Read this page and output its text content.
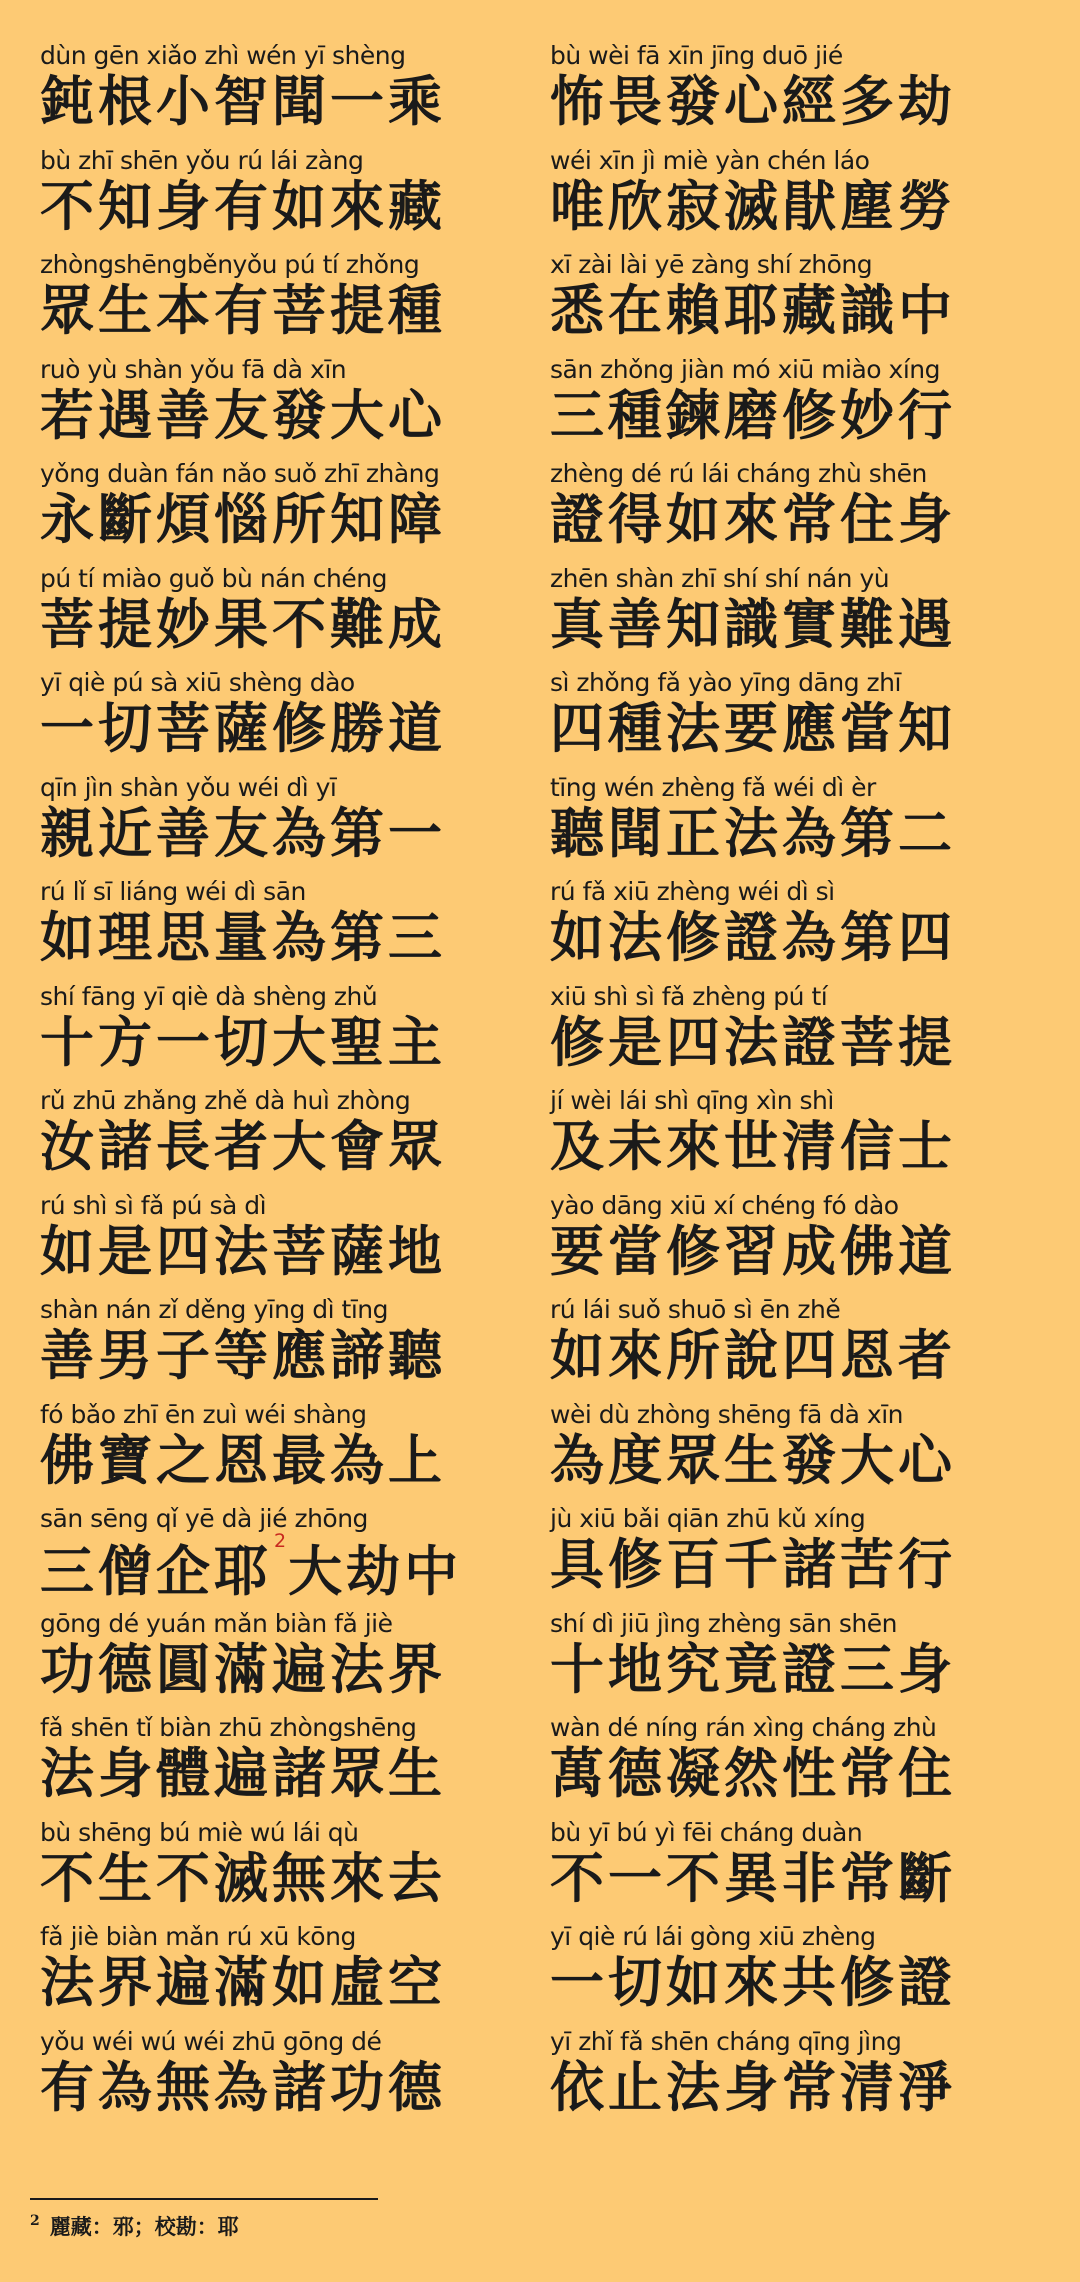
dùn gēn xiǎo zhì wén yī shèng
鈍根小智聞一乘
bù zhī shēn yǒu rú lái zàng
不知身有如來藏
zhòngshēngběnyǒu pú tí zhǒng
眾生本有菩提種
ruò yù shàn yǒu fā dà xīn
若遇善友發大心
yǒng duàn fán nǎo suǒ zhī zhàng
永斷煩惱所知障
pú tí miào guǒ bù nán chéng
菩提妙果不難成
yī qiè pú sà xiū shèng dào
一切菩薩修勝道
qīn jìn shàn yǒu wéi dì yī
親近善友為第一
rú lǐ sī liáng wéi dì sān
如理思量為第三
shí fāng yī qiè dà shèng zhǔ
十方一切大聖主
rǔ zhū zhǎng zhě dà huì zhòng
汝諸長者大會眾
rú shì sì fǎ pú sà dì
如是四法菩薩地
shàn nán zǐ děng yīng dì tīng
善男子等應諦聽
fó bǎo zhī ēn zuì wéi shàng
佛寶之恩最為上
sān sēng qǐ yē dà jié zhōng
三僧企耶 $^2$大劫中
gōng dé yuán mǎn biàn fǎ jiè
功德圓滿遍法界
fǎ shēn tǐ biàn zhū zhòngshēng
法身體遍諸眾生
bù shēng bú miè wú lái qù
不生不滅無來去
fǎ jiè biàn mǎn rú xū kōng
法界遍滿如虛空
yǒu wéi wú wéi zhū gōng dé
有為無為諸功德
bù wèi fā xīn jīng duō jié
怖畏發心經多劫
wéi xīn jì miè yàn chén láo
唯欣寂滅猒塵勞
xī zài lài yē zàng shí zhōng
悉在賴耶藏識中
sān zhǒng jiàn mó xiū miào xíng
三種鍊磨修妙行
zhèng dé rú lái cháng zhù shēn
證得如來常住身
zhēn shàn zhī shí shí nán yù
真善知識實難遇
sì zhǒng fǎ yào yīng dāng zhī
四種法要應當知
tīng wén zhèng fǎ wéi dì èr
聽聞正法為第二
rú fǎ xiū zhèng wéi dì sì
如法修證為第四
xiū shì sì fǎ zhèng pú tí
修是四法證菩提
jí wèi lái shì qīng xìn shì
及未來世清信士
yào dāng xiū xí chéng fó dào
要當修習成佛道
rú lái suǒ shuō sì ēn zhě
如來所說四恩者
wèi dù zhòng shēng fā dà xīn
為度眾生發大心
jù xiū bǎi qiān zhū kǔ xíng
具修百千諸苦行
shí dì jiū jìng zhèng sān shēn
十地究竟證三身
wàn dé níng rán xìng cháng zhù
萬德凝然性常住
bù yī bú yì fēi cháng duàn
不一不異非常斷
yī qiè rú lái gòng xiū zhèng
一切如來共修證
yī zhǐ fǎ shēn cháng qīng jìng
依止法身常清淨
$^2$ 麗藏：邪；校勘：耶
